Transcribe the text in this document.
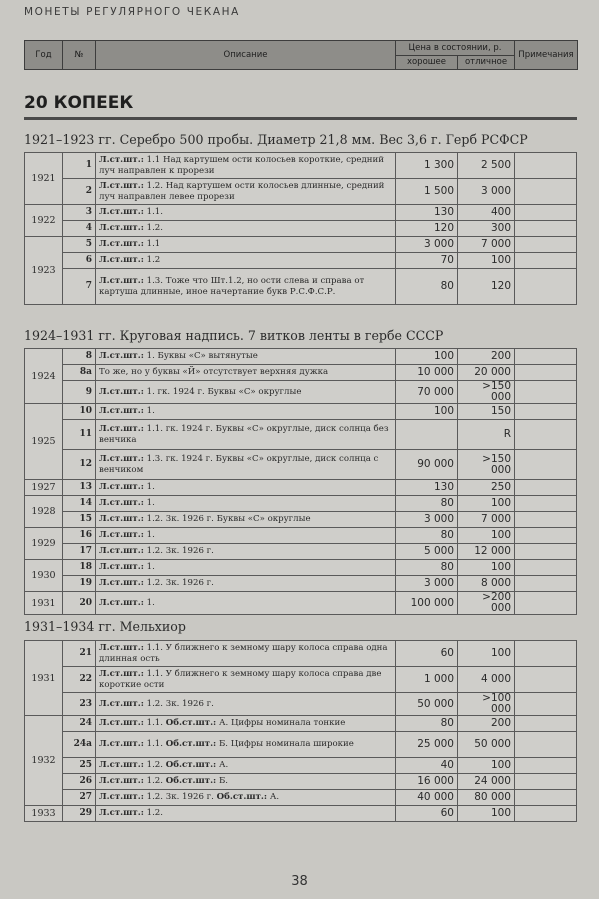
МОНЕТЫ РЕГУЛЯРНОГО ЧЕКАНА
Год	№	Описание	Цена в состоянии, р.		Примечания
			хорошее	отличное	
20 КОПЕЕК
1921–1923 гг. Серебро 500 пробы. Диаметр 21,8 мм. Вес 3,6 г. Герб РСФСР
1921	1	Л.ст.шт.: 1.1 Над картушем ости колосьев короткие, средний луч направлен к прорези	1 300	2 500	
	2	Л.ст.шт.: 1.2. Над картушем ости колосьев длинные, средний луч направлен левее прорези	1 500	3 000	
1922	3	Л.ст.шт.: 1.1.	130	400	
	4	Л.ст.шт.: 1.2.	120	300	
1923	5	Л.ст.шт.: 1.1	3 000	7 000	
	6	Л.ст.шт.: 1.2	70	100	
	7	Л.ст.шт.: 1.3. Тоже что Шт.1.2, но ости слева и справа от картуша длинные, иное начертание букв Р.С.Ф.С.Р.	80	120	
1924–1931 гг. Круговая надпись. 7 витков ленты в гербе СССР
1924	8	Л.ст.шт.: 1. Буквы «С» вытянутые	100	200	
	8а	То же, но у буквы «Й» отсутствует верхняя дужка	10 000	20 000	
	9	Л.ст.шт.: 1. гк. 1924 г. Буквы «С» округлые	70 000	>150 000	
1925	10	Л.ст.шт.: 1.	100	150	
	11	Л.ст.шт.: 1.1. гк. 1924 г. Буквы «С» округлые, диск солнца без венчика		R	
	12	Л.ст.шт.: 1.3. гк. 1924 г. Буквы «С» округлые, диск солнца с венчиком	90 000	>150 000	
1927	13	Л.ст.шт.: 1.	130	250	
1928	14	Л.ст.шт.: 1.	80	100	
	15	Л.ст.шт.: 1.2. 3к. 1926 г. Буквы «С» округлые	3 000	7 000	
1929	16	Л.ст.шт.: 1.	80	100	
	17	Л.ст.шт.: 1.2. 3к. 1926 г.	5 000	12 000	
1930	18	Л.ст.шт.: 1.	80	100	
	19	Л.ст.шт.: 1.2. 3к. 1926 г.	3 000	8 000	
1931	20	Л.ст.шт.: 1.	100 000	>200 000	
1931–1934 гг. Мельхиор
1931	21	Л.ст.шт.: 1.1. У ближнего к земному шару колоса справа одна длинная ость	60	100	
	22	Л.ст.шт.: 1.1. У ближнего к земному шару колоса справа две короткие ости	1 000	4 000	
	23	Л.ст.шт.: 1.2. 3к. 1926 г.	50 000	>100 000	
1932	24	Л.ст.шт.: 1.1. Об.ст.шт.: А. Цифры номинала тонкие	80	200	
	24а	Л.ст.шт.: 1.1. Об.ст.шт.: Б. Цифры номинала широкие	25 000	50 000	
	25	Л.ст.шт.: 1.2. Об.ст.шт.: А.	40	100	
	26	Л.ст.шт.: 1.2. Об.ст.шт.: Б.	16 000	24 000	
	27	Л.ст.шт.: 1.2. 3к. 1926 г. Об.ст.шт.: А.	40 000	80 000	
1933	29	Л.ст.шт.: 1.2.	60	100	
38
